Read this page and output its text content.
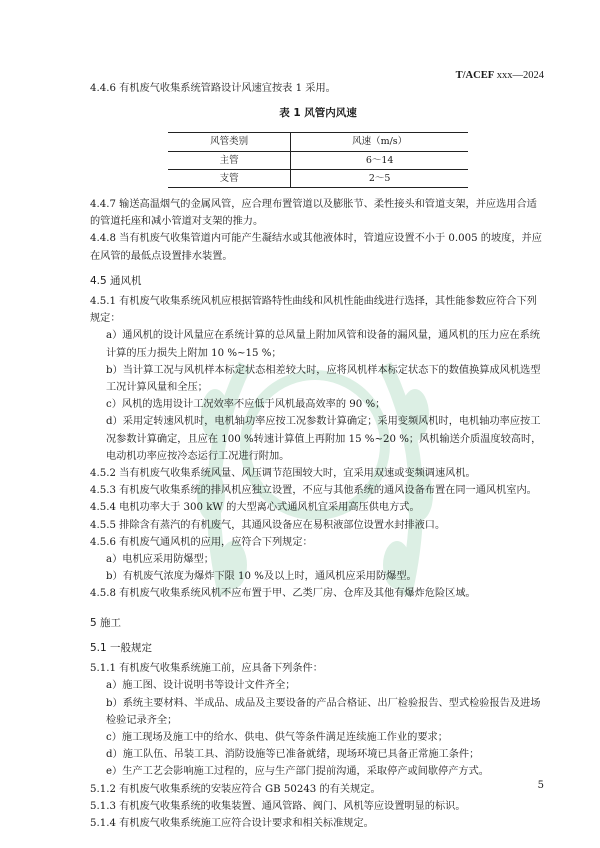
T/ACEF xxx—2024

4.4.6 有机废气收集系统管路设计风速宜按表 1 采用。

表 1 风管内风速
风管类别	风速（m/s）
主管	6～14
支管	2～5

4.4.7 输送高温烟气的金属风管，应合理布置管道以及膨胀节、柔性接头和管道支架，并应选用合适的管道托座和减小管道对支架的推力。

4.4.8 当有机废气收集管道内可能产生凝结水或其他液体时，管道应设置不小于 0.005 的坡度，并应在风管的最低点设置排水装置。

4.5 通风机

4.5.1 有机废气收集系统风机应根据管路特性曲线和风机性能曲线进行选择，其性能参数应符合下列规定：

a）通风机的设计风量应在系统计算的总风量上附加风管和设备的漏风量，通风机的压力应在系统计算的压力损失上附加 10 %~15 %；

b）当计算工况与风机样本标定状态相差较大时，应将风机样本标定状态下的数值换算成风机选型工况计算风量和全压；

c）风机的选用设计工况效率不应低于风机最高效率的 90 %；

d）采用定转速风机时，电机轴功率应按工况参数计算确定；采用变频风机时，电机轴功率应按工况参数计算确定，且应在 100 %转速计算值上再附加 15 %~20 %；风机输送介质温度较高时，电动机功率应按冷态运行工况进行附加。

4.5.2 当有机废气收集系统风量、风压调节范围较大时，宜采用双速或变频调速风机。

4.5.3 有机废气收集系统的排风机应独立设置，不应与其他系统的通风设备布置在同一通风机室内。

4.5.4 电机功率大于 300 kW 的大型离心式通风机宜采用高压供电方式。

4.5.5 排除含有蒸汽的有机废气，其通风设备应在易积液部位设置水封排液口。

4.5.6 有机废气通风机的应用，应符合下列规定：

a）电机应采用防爆型；

b）有机废气浓度为爆炸下限 10 %及以上时，通风机应采用防爆型。

4.5.8 有机废气收集系统风机不应布置于甲、乙类厂房、仓库及其他有爆炸危险区域。

5 施工
5.1 一般规定

5.1.1 有机废气收集系统施工前，应具备下列条件：

a）施工图、设计说明书等设计文件齐全；

b）系统主要材料、半成品、成品及主要设备的产品合格证、出厂检验报告、型式检验报告及进场检验记录齐全；

c）施工现场及施工中的给水、供电、供气等条件满足连续施工作业的要求；

d）施工队伍、吊装工具、消防设施等已准备就绪，现场环境已具备正常施工条件；

e）生产工艺会影响施工过程的，应与生产部门提前沟通，采取停产或间歇停产方式。

5.1.2 有机废气收集系统的安装应符合 GB 50243 的有关规定。

5.1.3 有机废气收集系统的收集装置、通风管路、阀门、风机等应设置明显的标识。

5.1.4 有机废气收集系统施工应符合设计要求和相关标准规定。

5
